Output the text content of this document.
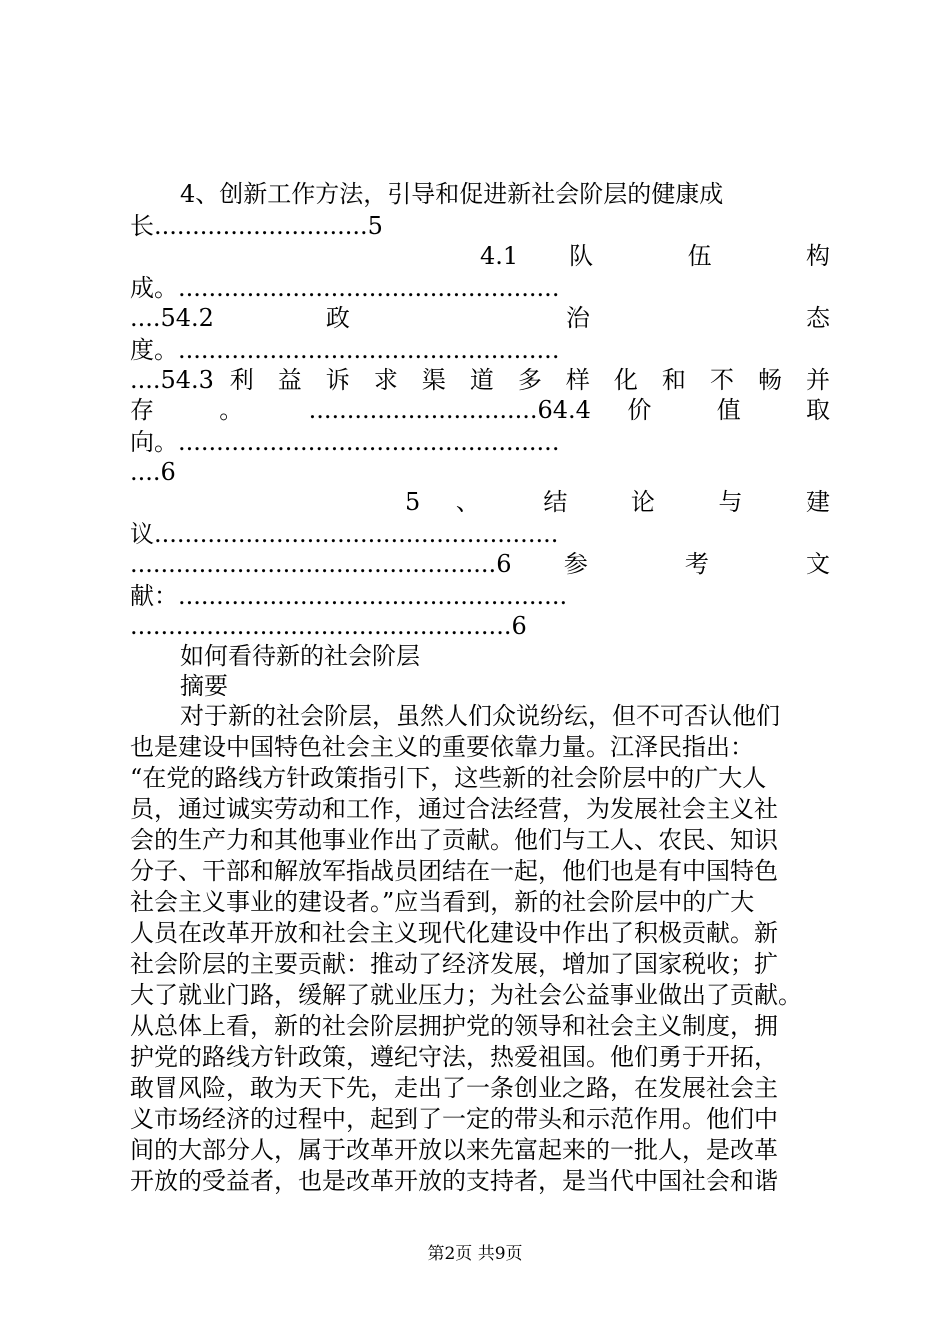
4、创新工作方法，引导和促进新社会阶层的健康成
长............................5
4.1 队 伍 构
成。..................................................
....54.2 政 治 态
度。..................................................
....54.3 利 益 诉 求 渠 道 多 样 化 和 不 畅 并
存 。 ..............................64.4 价 值 取
向。..................................................
....6
5 、 结 论 与 建
议.....................................................
................................................6 参 考 文
献：...................................................
..................................................6
如何看待新的社会阶层
摘要
对于新的社会阶层，虽然人们众说纷纭，但不可否认他们
也是建设中国特色社会主义的重要依靠力量。江泽民指出：
“在党的路线方针政策指引下，这些新的社会阶层中的广大人
员，通过诚实劳动和工作，通过合法经营，为发展社会主义社
会的生产力和其他事业作出了贡献。他们与工人、农民、知识
分子、干部和解放军指战员团结在一起，他们也是有中国特色
社会主义事业的建设者。”应当看到，新的社会阶层中的广大
人员在改革开放和社会主义现代化建设中作出了积极贡献。新
社会阶层的主要贡献：推动了经济发展，增加了国家税收；扩
大了就业门路，缓解了就业压力；为社会公益事业做出了贡献。
从总体上看，新的社会阶层拥护党的领导和社会主义制度，拥
护党的路线方针政策，遵纪守法，热爱祖国。他们勇于开拓，
敢冒风险，敢为天下先，走出了一条创业之路，在发展社会主
义市场经济的过程中，起到了一定的带头和示范作用。他们中
间的大部分人，属于改革开放以来先富起来的一批人，是改革
开放的受益者，也是改革开放的支持者，是当代中国社会和谐
第2页 共9页
